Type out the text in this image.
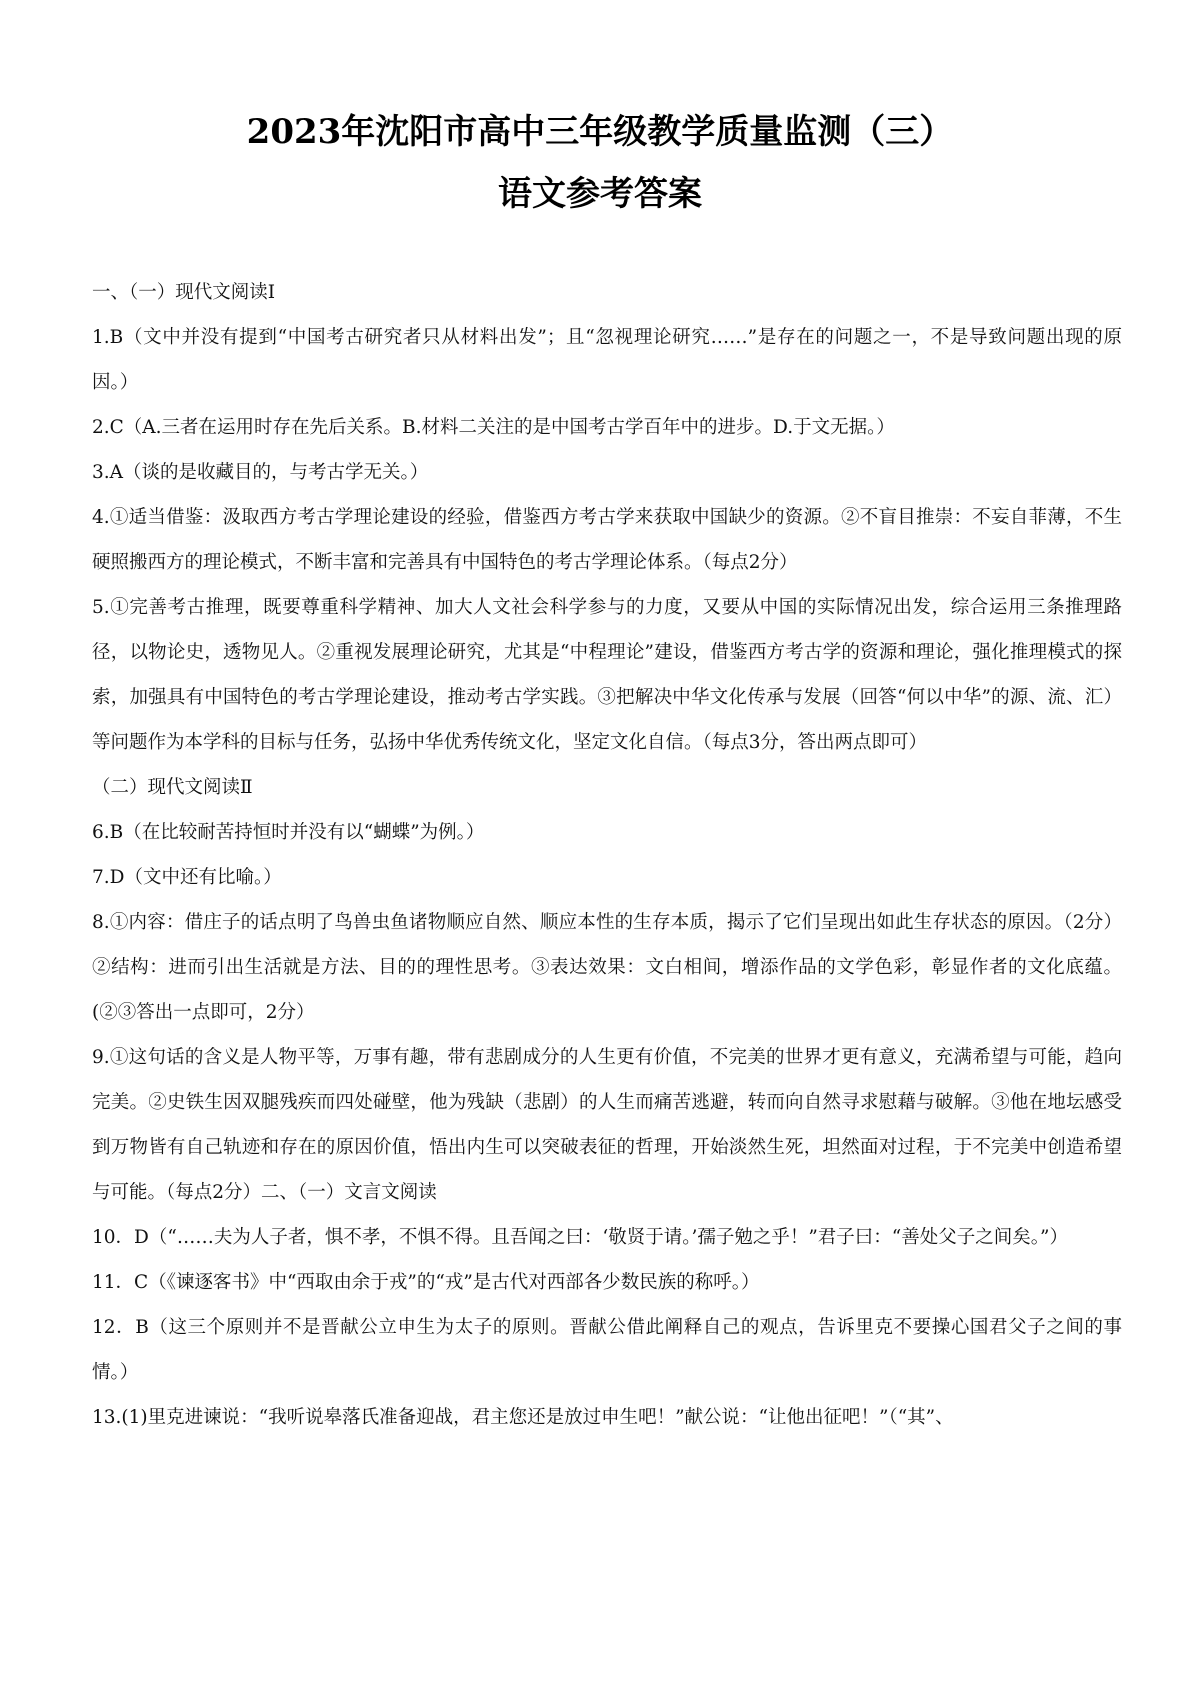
2023年沈阳市高中三年级教学质量监测（三）
语文参考答案

一、（一）现代文阅读Ⅰ

1.B（文中并没有提到“中国考古研究者只从材料出发”；且“忽视理论研究……”是存在的问题之一，不是导致问题出现的原因。）

2.C（A.三者在运用时存在先后关系。B.材料二关注的是中国考古学百年中的进步。D.于文无据。）

3.A（谈的是收藏目的，与考古学无关。）

4.①适当借鉴：汲取西方考古学理论建设的经验，借鉴西方考古学来获取中国缺少的资源。②不盲目推崇：不妄自菲薄，不生硬照搬西方的理论模式，不断丰富和完善具有中国特色的考古学理论体系。（每点2分）

5.①完善考古推理，既要尊重科学精神、加大人文社会科学参与的力度，又要从中国的实际情况出发，综合运用三条推理路径，以物论史，透物见人。②重视发展理论研究，尤其是“中程理论”建设，借鉴西方考古学的资源和理论，强化推理模式的探索，加强具有中国特色的考古学理论建设，推动考古学实践。③把解决中华文化传承与发展（回答“何以中华”的源、流、汇）等问题作为本学科的目标与任务，弘扬中华优秀传统文化，坚定文化自信。（每点3分，答出两点即可）

（二）现代文阅读Ⅱ

6.B（在比较耐苦持恒时并没有以“蝴蝶”为例。）

7.D（文中还有比喻。）

8.①内容：借庄子的话点明了鸟兽虫鱼诸物顺应自然、顺应本性的生存本质，揭示了它们呈现出如此生存状态的原因。（2分）②结构：进而引出生活就是方法、目的的理性思考。③表达效果：文白相间，增添作品的文学色彩，彰显作者的文化底蕴。(②③答出一点即可，2分）

9.①这句话的含义是人物平等，万事有趣，带有悲剧成分的人生更有价值，不完美的世界才更有意义，充满希望与可能，趋向完美。②史铁生因双腿残疾而四处碰壁，他为残缺（悲剧）的人生而痛苦逃避，转而向自然寻求慰藉与破解。③他在地坛感受到万物皆有自己轨迹和存在的原因价值，悟出内生可以突破表征的哲理，开始淡然生死，坦然面对过程，于不完美中创造希望与可能。（每点2分）二、（一）文言文阅读

10．D（“……夫为人子者，惧不孝，不惧不得。且吾闻之曰：‘敬贤于请。’孺子勉之乎！”君子曰：“善处父子之间矣。”）

11．C（《谏逐客书》中“西取由余于戎”的“戎”是古代对西部各少数民族的称呼。）

12．B（这三个原则并不是晋献公立申生为太子的原则。晋献公借此阐释自己的观点，告诉里克不要操心国君父子之间的事情。）

13.(1)里克进谏说：“我听说皋落氏准备迎战，君主您还是放过申生吧！”献公说：“让他出征吧！”（“其”、
